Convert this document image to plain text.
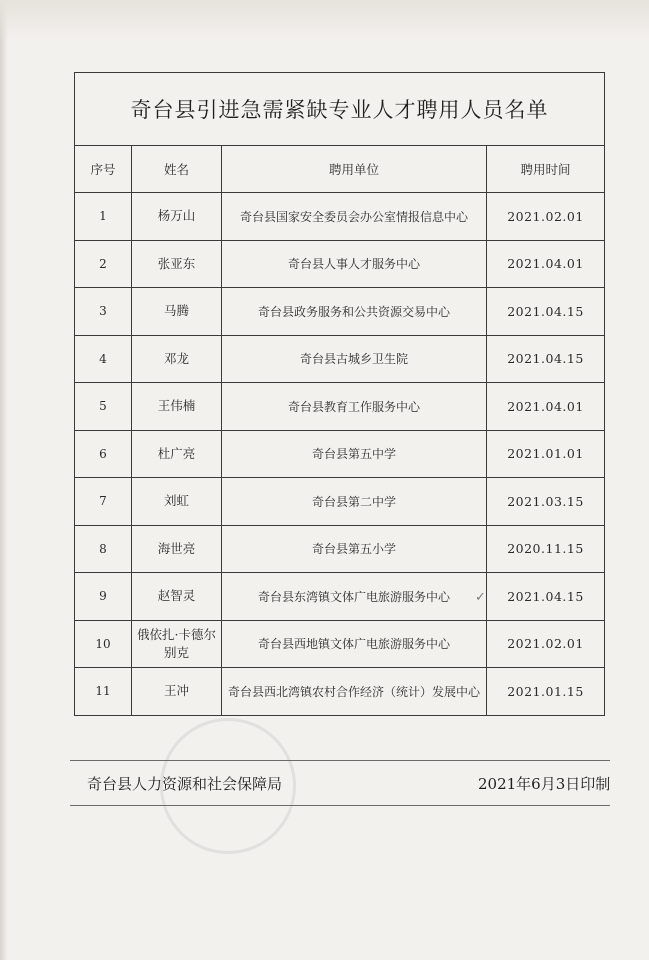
奇台县引进急需紧缺专业人才聘用人员名单			
序号	姓名	聘用单位	聘用时间
1	杨万山	奇台县国家安全委员会办公室情报信息中心	2021.02.01
2	张亚东	奇台县人事人才服务中心	2021.04.01
3	马腾	奇台县政务服务和公共资源交易中心	2021.04.15
4	邓龙	奇台县古城乡卫生院	2021.04.15
5	王伟楠	奇台县教育工作服务中心	2021.04.01
6	杜广亮	奇台县第五中学	2021.01.01
7	刘虹	奇台县第二中学	2021.03.15
8	海世亮	奇台县第五小学	2020.11.15
9	赵智灵	奇台县东湾镇文体广电旅游服务中心	2021.04.15
10	俄依扎·卡德尔别克	奇台县西地镇文体广电旅游服务中心	2021.02.01
11	王冲	奇台县西北湾镇农村合作经济（统计）发展中心	2021.01.15
✓
奇台县人力资源和社会保障局	2021年6月3日印制
